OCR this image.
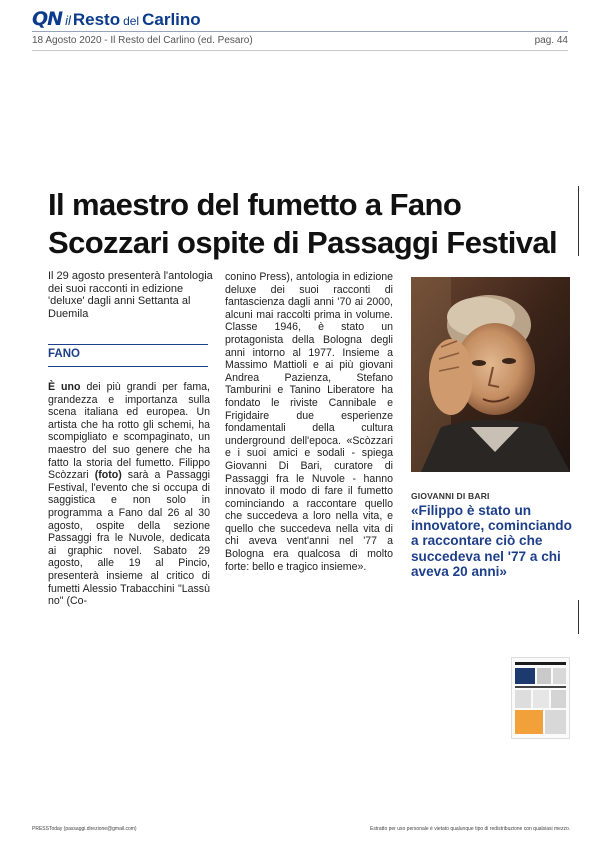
QN il Resto del Carlino
18 Agosto 2020 - Il Resto del Carlino (ed. Pesaro)	pag. 44
Il maestro del fumetto a Fano
Scozzari ospite di Passaggi Festival
Il 29 agosto presenterà l'antologia dei suoi racconti in edizione 'deluxe' dagli anni Settanta al Duemila
FANO
È uno dei più grandi per fama, grandezza e importanza sulla scena italiana ed europea. Un artista che ha rotto gli schemi, ha scompigliato e scompaginato, un maestro del suo genere che ha fatto la storia del fumetto. Filippo Scòzzari (foto) sarà a Passaggi Festival, l'evento che si occupa di saggistica e non solo in programma a Fano dal 26 al 30 agosto, ospite della sezione Passaggi fra le Nuvole, dedicata ai graphic novel. Sabato 29 agosto, alle 19 al Pincio, presenterà insieme al critico di fumetti Alessio Trabacchini "Lassù no" (Co-
conino Press), antologia in edizione deluxe dei suoi racconti di fantascienza dagli anni '70 ai 2000, alcuni mai raccolti prima in volume. Classe 1946, è stato un protagonista della Bologna degli anni intorno al 1977. Insieme a Massimo Mattioli e ai più giovani Andrea Pazienza, Stefano Tamburini e Tanino Liberatore ha fondato le riviste Cannibale e Frigidaire due esperienze fondamentali della cultura underground dell'epoca. «Scòzzari e i suoi amici e sodali - spiega Giovanni Di Bari, curatore di Passaggi fra le Nuvole - hanno innovato il modo di fare il fumetto cominciando a raccontare quello che succedeva a loro nella vita, e quello che succedeva nella vita di chi aveva vent'anni nel '77 a Bologna era qualcosa di molto forte: bello e tragico insieme».
GIOVANNI DI BARI
«Filippo è stato un innovatore, cominciando a raccontare ciò che succedeva nel '77 a chi aveva 20 anni»
PRESSToday (passaggi.direzione@gmail.com)	Estratto per uso personale è vietato qualunque tipo di redistribuzione con qualsiasi mezzo.
